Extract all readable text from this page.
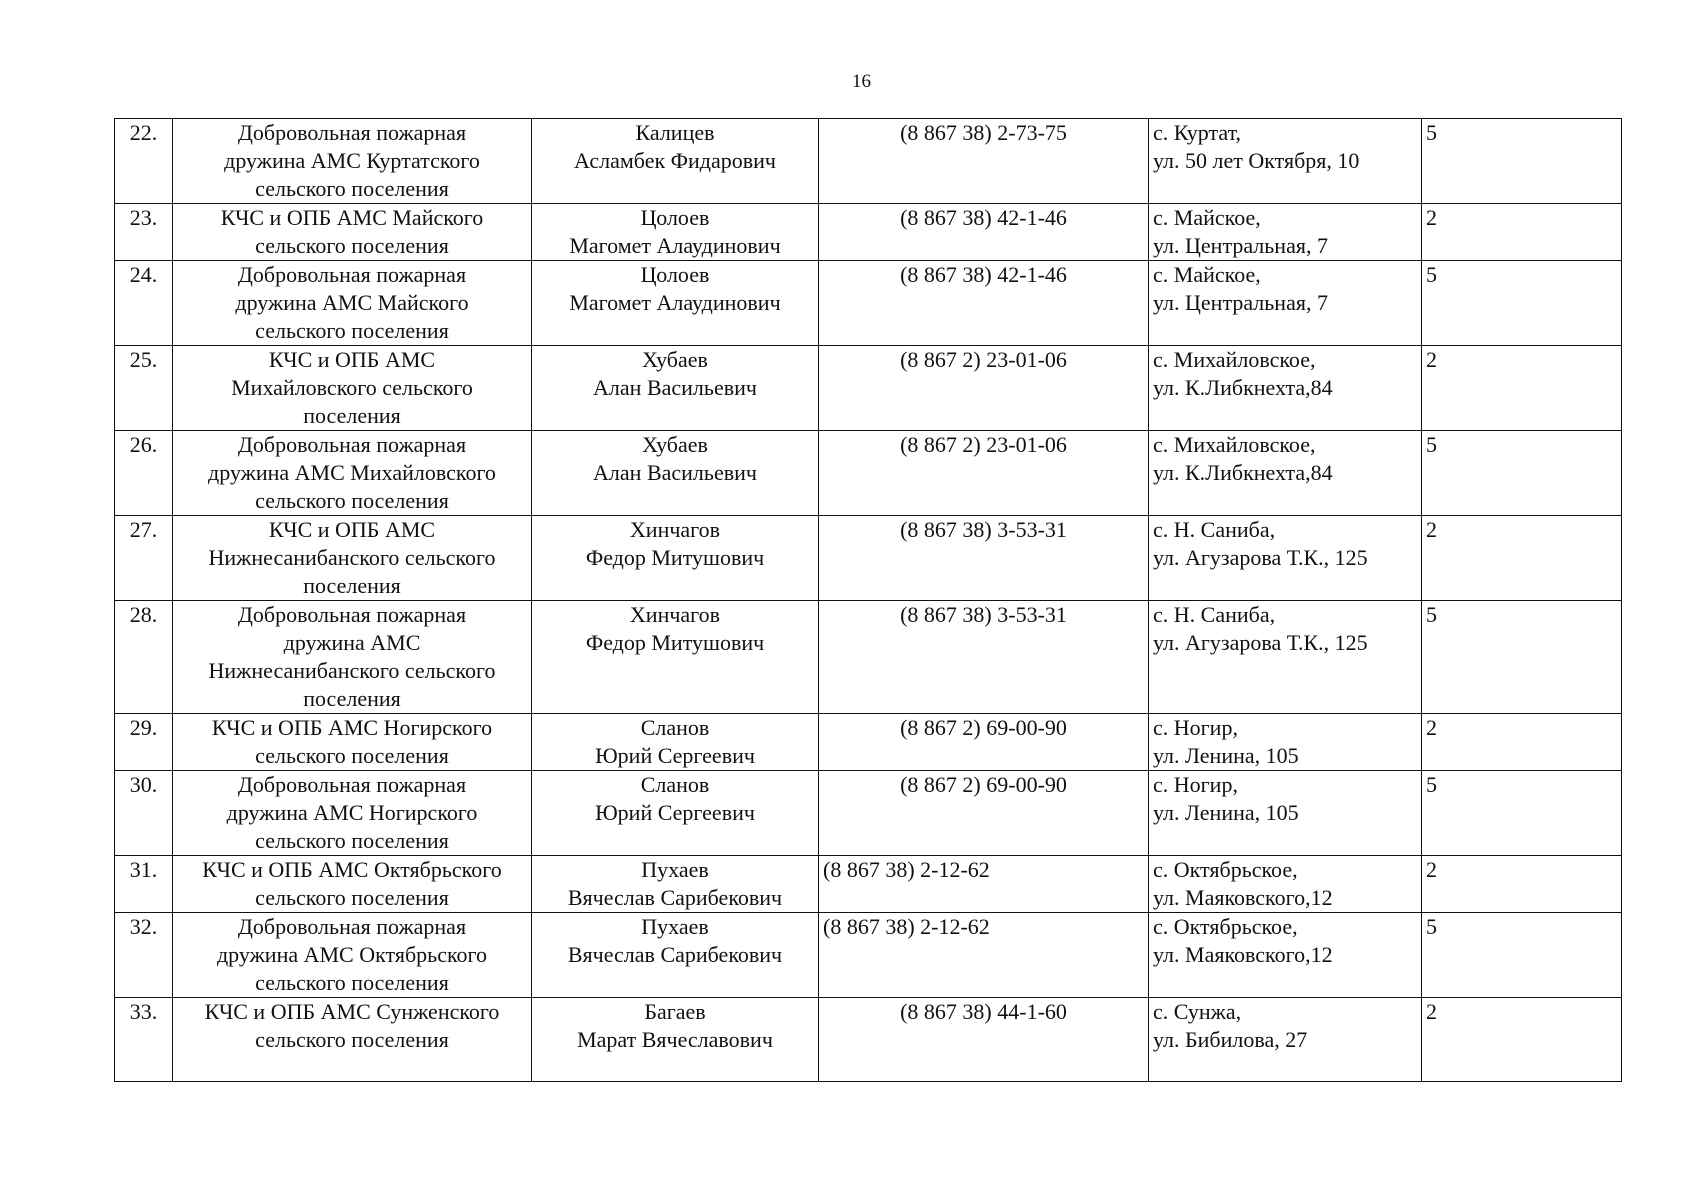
16
22.	Добровольная пожарная
дружина АМС Куртатского
сельского поселения	Калицев
Асламбек Фидарович	(8 867 38) 2-73-75	с. Куртат,
ул. 50 лет Октября, 10	5
23.	КЧС и ОПБ АМС Майского
сельского поселения	Цолоев
Магомет Алаудинович	(8 867 38) 42-1-46	с. Майское,
ул. Центральная, 7	2
24.	Добровольная пожарная
дружина АМС Майского
сельского поселения	Цолоев
Магомет Алаудинович	(8 867 38) 42-1-46	с. Майское,
ул. Центральная, 7	5
25.	КЧС и ОПБ АМС
Михайловского сельского
поселения	Хубаев
Алан Васильевич	(8 867 2) 23-01-06	с. Михайловское,
ул. К.Либкнехта,84	2
26.	Добровольная пожарная
дружина АМС Михайловского
сельского поселения	Хубаев
Алан Васильевич	(8 867 2) 23-01-06	с. Михайловское,
ул. К.Либкнехта,84	5
27.	КЧС и ОПБ АМС
Нижнесанибанского сельского
поселения	Хинчагов
Федор Митушович	(8 867 38) 3-53-31	с. Н. Саниба,
ул. Агузарова Т.К., 125	2
28.	Добровольная пожарная
дружина АМС
Нижнесанибанского сельского
поселения	Хинчагов
Федор Митушович	(8 867 38) 3-53-31	с. Н. Саниба,
ул. Агузарова Т.К., 125	5
29.	КЧС и ОПБ АМС Ногирского
сельского поселения	Сланов
Юрий Сергеевич	(8 867 2) 69-00-90	с. Ногир,
ул. Ленина, 105	2
30.	Добровольная пожарная
дружина АМС Ногирского
сельского поселения	Сланов
Юрий Сергеевич	(8 867 2) 69-00-90	с. Ногир,
ул. Ленина, 105	5
31.	КЧС и ОПБ АМС Октябрьского
сельского поселения	Пухаев
Вячеслав Сарибекович	(8 867 38) 2-12-62	с. Октябрьское,
ул. Маяковского,12	2
32.	Добровольная пожарная
дружина АМС Октябрьского
сельского поселения	Пухаев
Вячеслав Сарибекович	(8 867 38) 2-12-62	с. Октябрьское,
ул. Маяковского,12	5
33.	КЧС и ОПБ АМС Сунженского
сельского поселения	Багаев
Марат Вячеславович	(8 867 38) 44-1-60	с. Сунжа,
ул. Бибилова, 27	2
